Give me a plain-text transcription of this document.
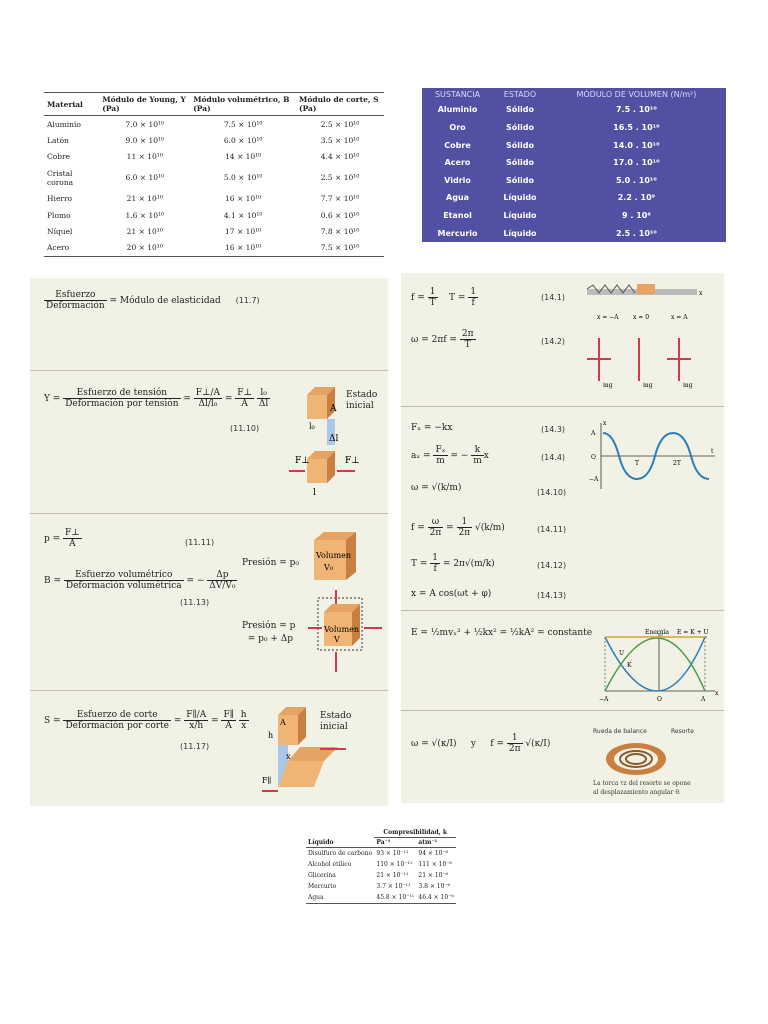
Material	Módulo de Young, Y (Pa)	Módulo volumétrico, B (Pa)	Módulo de corte, S (Pa)
Aluminio	7.0 × 10¹⁰	7.5 × 10¹⁰	2.5 × 10¹⁰
Latón	9.0 × 10¹⁰	6.0 × 10¹⁰	3.5 × 10¹⁰
Cobre	11 × 10¹⁰	14 × 10¹⁰	4.4 × 10¹⁰
Cristal corona	6.0 × 10¹⁰	5.0 × 10¹⁰	2.5 × 10¹⁰
Hierro	21 × 10¹⁰	16 × 10¹⁰	7.7 × 10¹⁰
Plomo	1.6 × 10¹⁰	4.1 × 10¹⁰	0.6 × 10¹⁰
Níquel	21 × 10¹⁰	17 × 10¹⁰	7.8 × 10¹⁰
Acero	20 × 10¹⁰	16 × 10¹⁰	7.5 × 10¹⁰
SUSTANCIA	ESTADO	MÓDULO DE VOLUMEN (N/m²)
Aluminio	Sólido	7.5 . 10¹⁰
Oro	Sólido	16.5 . 10¹⁰
Cobre	Sólido	14.0 . 10¹⁰
Acero	Sólido	17.0 . 10¹⁰
Vidrio	Sólido	5.0 . 10¹⁰
Agua	Líquido	2.2 . 10⁹
Etanol	Líquido	9 . 10⁸
Mercurio	Líquido	2.5 . 10¹⁰
$\frac{\text{Esfuerzo}}{\text{Deformación}}$ = Módulo de elasticidad (11.7)
$Y = \frac{\text{Esfuerzo de tensión}}{\text{Deformación por tensión}} = \frac{F\perp/A}{\text{Δl/l₀}} = \frac{F\perp}{A}$
$\frac{\text{l₀}}{\Delta l}$
(11.10)
A
Δl
F⊥	F⊥
l
l₀
Estado
inicial
$p = \frac{F\perp}{A}$	(11.11)
Presión = p₀
Volumen
V₀
$B = \frac{\text{Esfuerzo volumétrico}}{\text{Deformación volumétrica}}$ = − $\frac{\Delta p}{\text{ΔV/V₀}}$
(11.13)
Presión = p
= p₀ + Δp
Volumen
V
$S = \frac{\text{Esfuerzo de corte}}{\text{Deformación por corte}} = \frac{F\parallel/A}{x/h} = \frac{F\parallel}{A}$
$\frac{h}{x}$
(11.17)
A
h
x
F∥
Estado
inicial
$f = \frac{1}{T}$ $T = \frac{1}{f}$	(14.1)
$\omega = 2\pi f = \frac{2\pi}{T}$	(14.2)
x
x = −A x = 0	x = A
mg	mg	mg
Fₓ = −kx	(14.3)
$a_x = \frac{\text{Fₓ}}{m}$ = − $\frac{k}{m}$ x	(14.4)
ω = √(k/m)	(14.10)
$f = \frac{\omega}{2\pi} = \frac{1}{2\pi} √(k/m)$	(14.11)
$T = \frac{1}{f} = 2\pi√(m/k)$	(14.12)
x = A cos(ωt + φ)	(14.13)
A
O
−A
T	2T
t
x
E = ½mvₓ² + ½kx² = ½kA² = constante	Energía E = K + U
U
K
−A	O	A
x
ω = √(κ/I)     y     $f = \frac{1}{2\pi} √(\kappa/I)$
Rueda de balance	Resorte
La torca τz del resorte se opone
al desplazamiento angular θ.
	Compresibilidad, k	
Líquido	Pa⁻¹	atm⁻¹
Disulfuro de carbono	93 × 10⁻¹¹	94 × 10⁻⁶
Alcohol etílico	110 × 10⁻¹¹	111 × 10⁻⁶
Glicerina	21 × 10⁻¹¹	21 × 10⁻⁶
Mercurio	3.7 × 10⁻¹¹	3.8 × 10⁻⁶
Agua	45.8 × 10⁻¹¹	46.4 × 10⁻⁶
